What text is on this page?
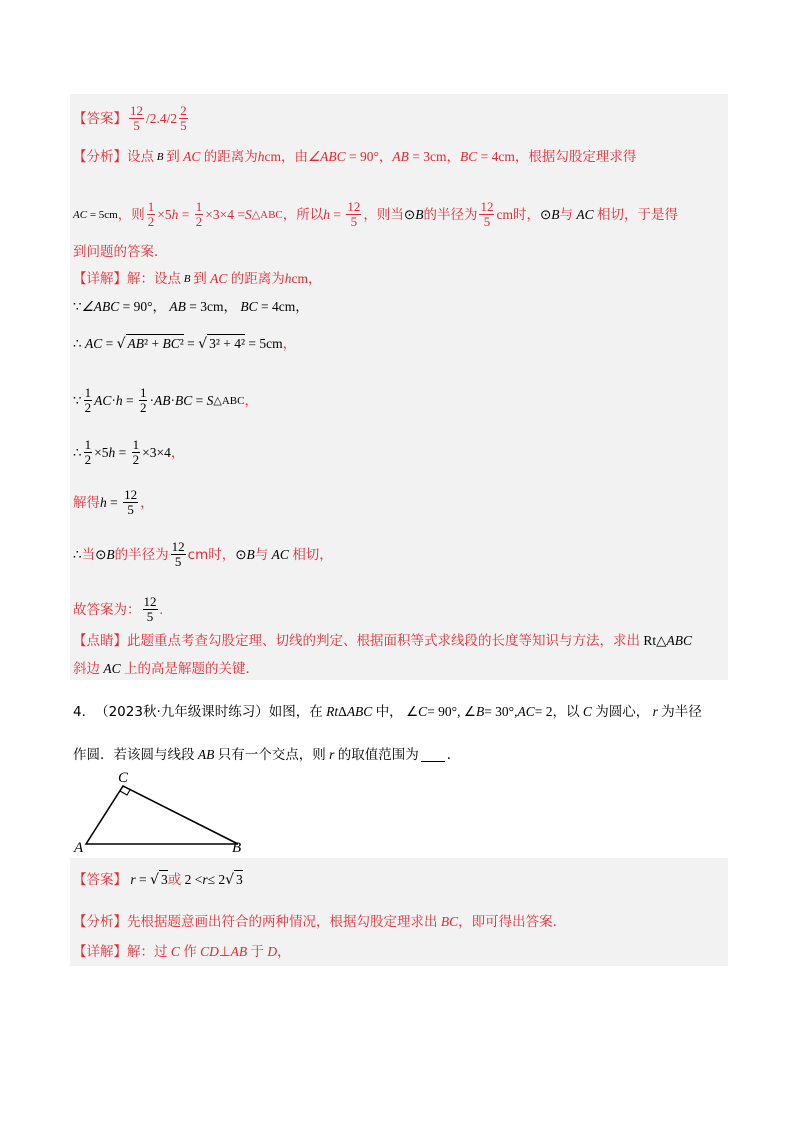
【答案】 $\frac{12}{5} /2.4/$ $2 \frac{2}{5}$
【分析】 设点 B 到 AC 的距离为 h cm ，由 ∠ABC = 90°， AB = 3cm， BC = 4cm ，根据勾股定理求得
AC = 5cm ，则 $\frac{1}{2} \times 5$ $h = \frac{1}{2} \times 3\times 4 = S$ △ABC ，所以 $h = \frac{12}{5}$ ，则当 ⊙ B 的半径为 $\frac{12}{5}$ cm 时， ⊙ B 与 AC 相切，于是得
到问题的答案．
【详解】 解：设点 B 到 AC 的距离为 h cm ，
∵ ∠ABC = 90°， AB = 3cm， BC = 4cm，
∴ AC = √ AB² + BC² = √ 3² + 4² = 5cm ，
∵ $\frac{1}{2}$ AC · $h = \frac{1}{2}$ · AB · BC = S △ABC ，
∴ $\frac{1}{2} \times 5$ $h = \frac{1}{2} \times 3\times 4$ ，
解得 $h = \frac{12}{5}$ ，
∴ 当 ⊙ B 的半径为 $\frac{12}{5}$ cm时， ⊙ B 与 AC 相切，
故答案为： $\frac{12}{5}$ .
【点睛】 此题重点考查勾股定理、切线的判定、根据面积等式求线段的长度等知识与方法，求出 Rt△ ABC
斜边 AC 上的高是解题的关键．
4． （2023秋·九年级课时练习）如图，在 Rt Δ ABC 中， ∠ C = 90°, ∠ B = 30°, AC = 2 ，以 C 为圆心， r 为半径
作圆．若该圆与线段 AB 只有一个交点，则 r 的取值范围为 ．
A
C
B
【答案】 r = √ 3 或 2 < r ≤ 2 √ 3
【分析】 先根据题意画出符合的两种情况，根据勾股定理求出 BC ，即可得出答案．
【详解】 解：过 C 作 CD ⊥ AB 于 D ，
